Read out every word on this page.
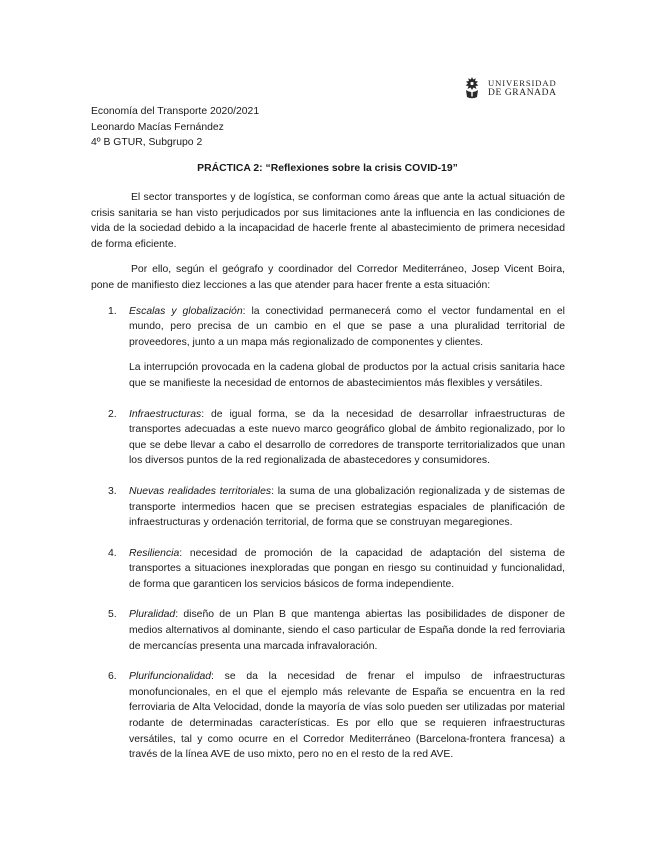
UNIVERSIDAD
DE GRANADA
Economía del Transporte 2020/2021
Leonardo Macías Fernández
4º B GTUR, Subgrupo 2
PRÁCTICA 2: “Reflexiones sobre la crisis COVID-19”

El sector transportes y de logística, se conforman como áreas que ante la actual situación de crisis sanitaria se han visto perjudicados por sus limitaciones ante la influencia en las condiciones de vida de la sociedad debido a la incapacidad de hacerle frente al abastecimiento de primera necesidad de forma eficiente.

Por ello, según el geógrafo y coordinador del Corredor Mediterráneo, Josep Vicent Boira, pone de manifiesto diez lecciones a las que atender para hacer frente a esta situación:

1. Escalas y globalización: la conectividad permanecerá como el vector fundamental en el mundo, pero precisa de un cambio en el que se pase a una pluralidad territorial de proveedores, junto a un mapa más regionalizado de componentes y clientes.
La interrupción provocada en la cadena global de productos por la actual crisis sanitaria hace que se manifieste la necesidad de entornos de abastecimientos más flexibles y versátiles.
2. Infraestructuras: de igual forma, se da la necesidad de desarrollar infraestructuras de transportes adecuadas a este nuevo marco geográfico global de ámbito regionalizado, por lo que se debe llevar a cabo el desarrollo de corredores de transporte territorializados que unan los diversos puntos de la red regionalizada de abastecedores y consumidores.
3. Nuevas realidades territoriales: la suma de una globalización regionalizada y de sistemas de transporte intermedios hacen que se precisen estrategias espaciales de planificación de infraestructuras y ordenación territorial, de forma que se construyan megaregiones.
4. Resiliencia: necesidad de promoción de la capacidad de adaptación del sistema de transportes a situaciones inexploradas que pongan en riesgo su continuidad y funcionalidad, de forma que garanticen los servicios básicos de forma independiente.
5. Pluralidad: diseño de un Plan B que mantenga abiertas las posibilidades de disponer de medios alternativos al dominante, siendo el caso particular de España donde la red ferroviaria de mercancías presenta una marcada infravaloración.
6. Plurifuncionalidad: se da la necesidad de frenar el impulso de infraestructuras monofuncionales, en el que el ejemplo más relevante de España se encuentra en la red ferroviaria de Alta Velocidad, donde la mayoría de vías solo pueden ser utilizadas por material rodante de determinadas características. Es por ello que se requieren infraestructuras versátiles, tal y como ocurre en el Corredor Mediterráneo (Barcelona-frontera francesa) a través de la línea AVE de uso mixto, pero no en el resto de la red AVE.
